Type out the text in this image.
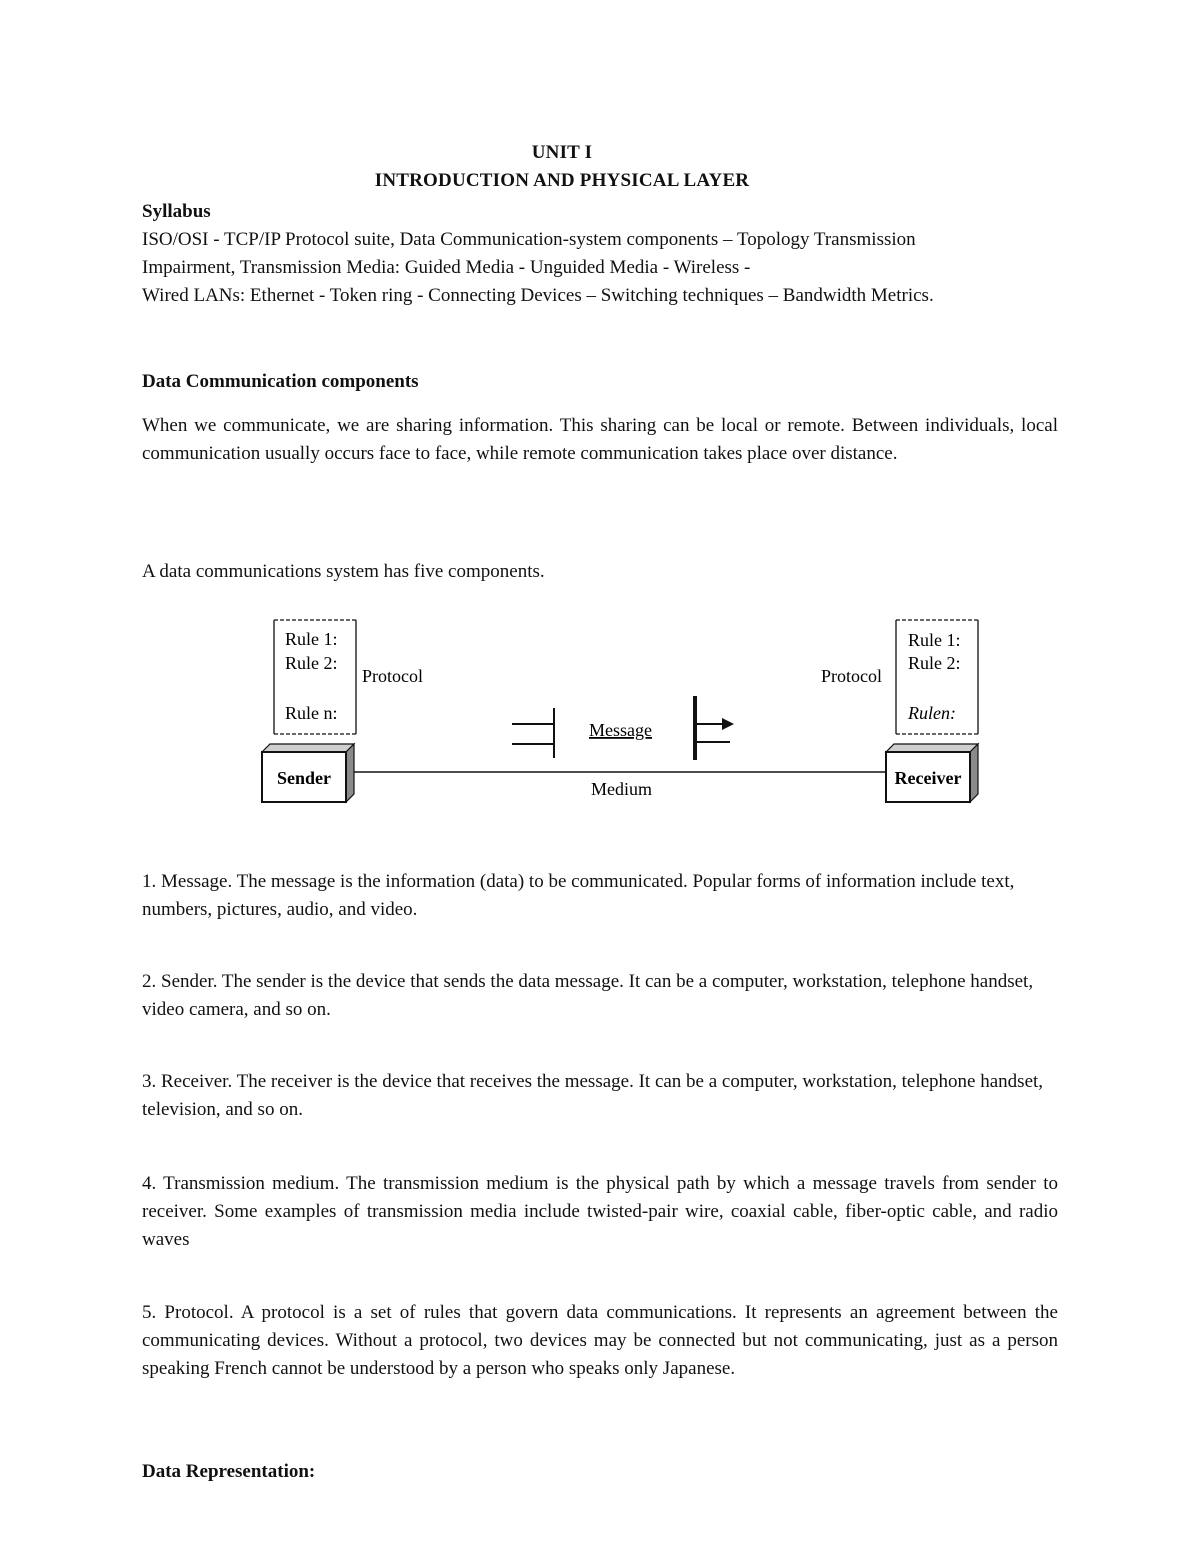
UNIT I
INTRODUCTION AND PHYSICAL LAYER
Syllabus
ISO/OSI - TCP/IP Protocol suite, Data Communication-system components – Topology Transmission
Impairment, Transmission Media: Guided Media - Unguided Media - Wireless -
Wired LANs: Ethernet - Token ring - Connecting Devices – Switching techniques – Bandwidth Metrics.
Data Communication components
When we communicate, we are sharing information. This sharing can be local or remote. Between individuals, local communication usually occurs face to face, while remote communication takes place over distance.
A data communications system has five components.
Rule 1:
Rule 2:
Rule n:
Protocol
Rule 1:
Rule 2:
Rulen:
Protocol
Message
Medium
Sender	Receiver
1. Message. The message is the information (data) to be communicated. Popular forms of information include text, numbers, pictures, audio, and video.
2. Sender. The sender is the device that sends the data message. It can be a computer, workstation, telephone handset, video camera, and so on.
3. Receiver. The receiver is the device that receives the message. It can be a computer, workstation, telephone handset, television, and so on.
4. Transmission medium. The transmission medium is the physical path by which a message travels from sender to receiver. Some examples of transmission media include twisted-pair wire, coaxial cable, fiber-optic cable, and radio waves
5. Protocol. A protocol is a set of rules that govern data communications. It represents an agreement between the communicating devices. Without a protocol, two devices may be connected but not communicating, just as a person speaking French cannot be understood by a person who speaks only Japanese.
Data Representation:
